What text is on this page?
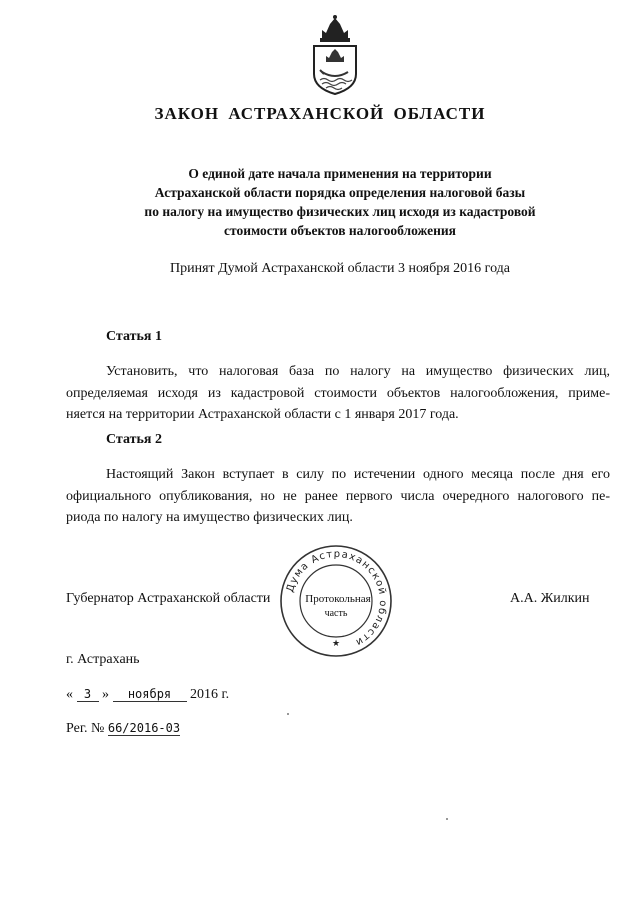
ЗАКОН АСТРАХАНСКОЙ ОБЛАСТИ
О единой дате начала применения на территории
Астраханской области порядка определения налоговой базы
по налогу на имущество физических лиц исходя из кадастровой
стоимости объектов налогообложения
Принят Думой Астраханской области 3 ноября 2016 года
Статья 1
Установить, что налоговая база по налогу на имущество физических лиц,
определяемая исходя из кадастровой стоимости объектов налогообложения, приме-
няется на территории Астраханской области с 1 января 2017 года.
Статья 2
Настоящий Закон вступает в силу по истечении одного месяца после дня его
официального опубликования, но не ранее первого числа очередного налогового пе-
риода по налогу на имущество физических лиц.
Губернатор Астраханской области	А.А. Жилкин
Дума Астраханской области
★
Протокольная
часть
г. Астрахань
« 3 » ноября 2016 г.
Рег. № 66/2016-03
